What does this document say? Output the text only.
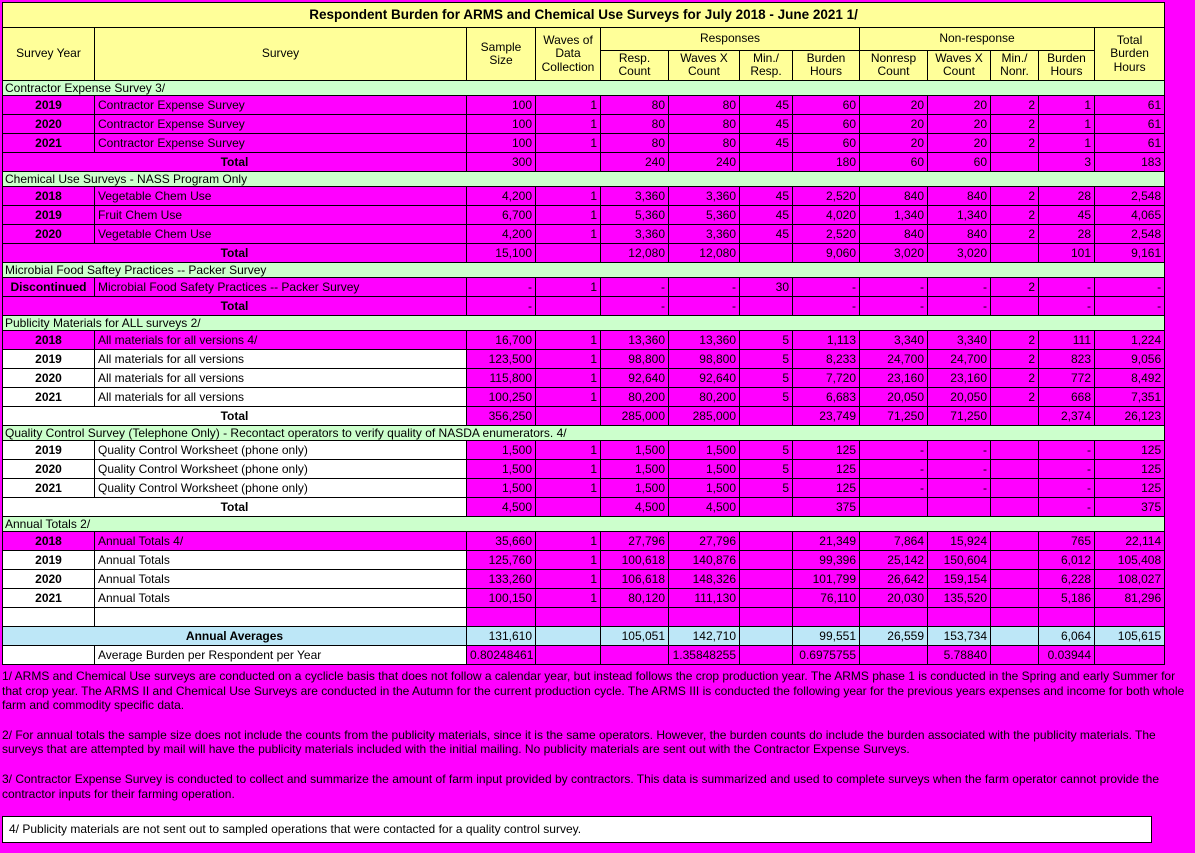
Respondent Burden for ARMS and Chemical Use Surveys for July 2018 - June 2021 1/												
Survey Year	Survey	Sample Size	Waves of Data Collection	Responses				Non-response				Total Burden Hours
				Resp. Count	Waves X Count	Min./ Resp.	Burden Hours	Nonresp Count	Waves X Count	Min./ Nonr.	Burden Hours	
Contractor Expense Survey 3/												
2019	Contractor Expense Survey	100	1	80	80	45	60	20	20	2	1	61
2020	Contractor Expense Survey	100	1	80	80	45	60	20	20	2	1	61
2021	Contractor Expense Survey	100	1	80	80	45	60	20	20	2	1	61
Total		300		240	240		180	60	60		3	183
Chemical Use Surveys - NASS Program Only												
2018	Vegetable Chem Use	4,200	1	3,360	3,360	45	2,520	840	840	2	28	2,548
2019	Fruit Chem Use	6,700	1	5,360	5,360	45	4,020	1,340	1,340	2	45	4,065
2020	Vegetable Chem Use	4,200	1	3,360	3,360	45	2,520	840	840	2	28	2,548
Total		15,100		12,080	12,080		9,060	3,020	3,020		101	9,161
Microbial Food Saftey Practices -- Packer Survey												
Discontinued	Microbial Food Safety Practices -- Packer Survey	-	1	-	-	30	-	-	-	2	-	-
Total		-		-	-		-	-	-		-	-
Publicity Materials for ALL surveys 2/												
2018	All materials for all versions 4/	16,700	1	13,360	13,360	5	1,113	3,340	3,340	2	111	1,224
2019	All materials for all versions	123,500	1	98,800	98,800	5	8,233	24,700	24,700	2	823	9,056
2020	All materials for all versions	115,800	1	92,640	92,640	5	7,720	23,160	23,160	2	772	8,492
2021	All materials for all versions	100,250	1	80,200	80,200	5	6,683	20,050	20,050	2	668	7,351
Total		356,250		285,000	285,000		23,749	71,250	71,250		2,374	26,123
Quality Control Survey (Telephone Only) - Recontact operators to verify quality of NASDA enumerators. 4/												
2019	Quality Control Worksheet (phone only)	1,500	1	1,500	1,500	5	125	-	-		-	125
2020	Quality Control Worksheet (phone only)	1,500	1	1,500	1,500	5	125	-	-		-	125
2021	Quality Control Worksheet (phone only)	1,500	1	1,500	1,500	5	125	-	-		-	125
Total		4,500		4,500	4,500		375				-	375
Annual Totals 2/												
2018	Annual Totals 4/	35,660	1	27,796	27,796		21,349	7,864	15,924		765	22,114
2019	Annual Totals	125,760	1	100,618	140,876		99,396	25,142	150,604		6,012	105,408
2020	Annual Totals	133,260	1	106,618	148,326		101,799	26,642	159,154		6,228	108,027
2021	Annual Totals	100,150	1	80,120	111,130		76,110	20,030	135,520		5,186	81,296

Annual Averages		131,610		105,051	142,710		99,551	26,559	153,734		6,064	105,615
	Average Burden per Respondent per Year	0.80248461			1.35848255		0.6975755		5.78840		0.03944	
1/ ARMS and Chemical Use surveys are conducted on a cyclicle basis that does not follow a calendar year, but instead follows the crop production year. The ARMS phase 1 is conducted in the Spring and early Summer for that crop year. The ARMS II and Chemical Use Surveys are conducted in the Autumn for the current production cycle. The ARMS III is conducted the following year for the previous years expenses and income for both whole farm and commodity specific data.
2/ For annual totals the sample size does not include the counts from the publicity materials, since it is the same operators. However, the burden counts do include the burden associated with the publicity materials. The surveys that are attempted by mail will have the publicity materials included with the initial mailing. No publicity materials are sent out with the Contractor Expense Surveys.
3/ Contractor Expense Survey is conducted to collect and summarize the amount of farm input provided by contractors. This data is summarized and used to complete surveys when the farm operator cannot provide the contractor inputs for their farming operation.
4/ Publicity materials are not sent out to sampled operations that were contacted for a quality control survey.
